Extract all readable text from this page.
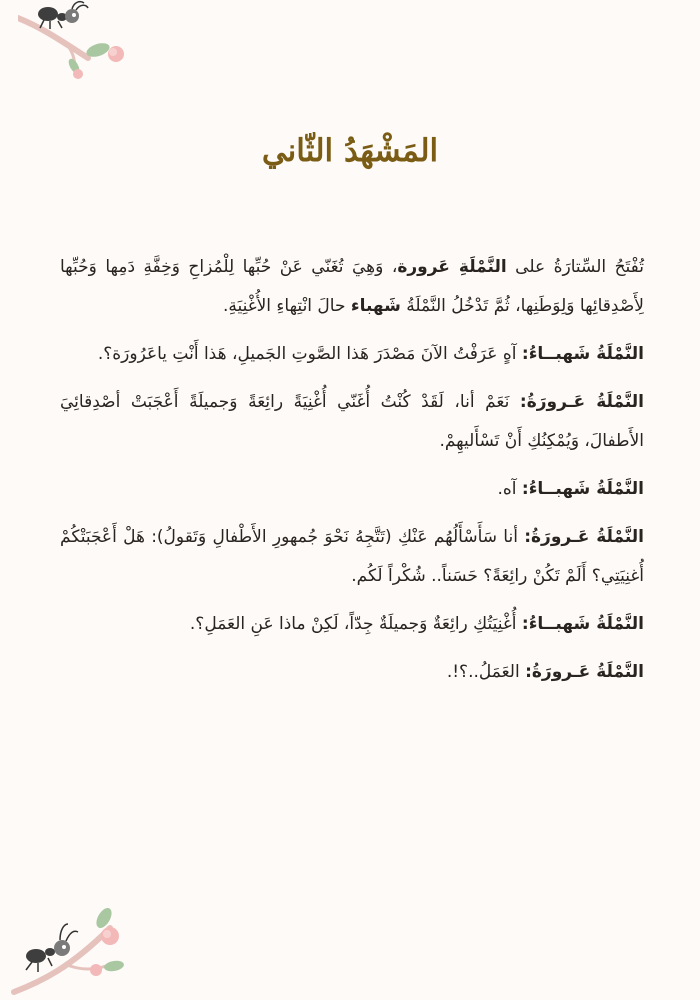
المَشْهَدُ الثّاني

تُفْتَحُ السِّتارَةُ على النَّمْلَةِ عَرورة، وَهِيَ تُغَنّي عَنْ حُبِّها لِلْمُزاحِ وَخِفَّةِ دَمِها وَحُبِّها لِأَصْدِقائِها وَلِوَطَنِها، ثُمَّ تَدْخُلُ النَّمْلَةُ شَهباء حالَ انْتِهاءِ الأُغْنِيَةِ.

النَّمْلَةُ شَهبــاءُ: آهٍ عَرَفْتُ الآنَ مَصْدَرَ هَذا الصَّوتِ الجَميلِ، هَذا أَنْتِ ياعَرُورَة؟.

النَّمْلَةُ عَـرورَةُ: نَعَمْ أنا، لَقَدْ كُنْتُ أُغَنّي أُغْنِيَةً رائِعَةً وَجميلَةً أَعْجَبَتْ أصْدِقائِيَ الأَطفالَ، وَيُمْكِنُكِ أَنْ تَسْأَليهِمْ.

النَّمْلَةُ شَهبــاءُ: آه.

النَّمْلَةُ عَـرورَةُ: أنا سَأَسْأَلُهُم عَنْكِ (تَتَّجِهُ نَحْوَ جُمهورِ الأَطْفالِ وَتَقولُ): هَلْ أَعْجَبَتْكُمْ أُغنِيَتِي؟ أَلَمْ تَكُنْ رائِعَةً؟ حَسَناً.. شُكْراً لَكُم.

النَّمْلَةُ شَهبــاءُ: أُغْنِيَتُكِ رائِعَةٌ وَجميلَةٌ جِدّاً، لَكِنْ ماذا عَنِ العَمَلِ؟.

النَّمْلَةُ عَـرورَةُ: العَمَلُ..؟!.
